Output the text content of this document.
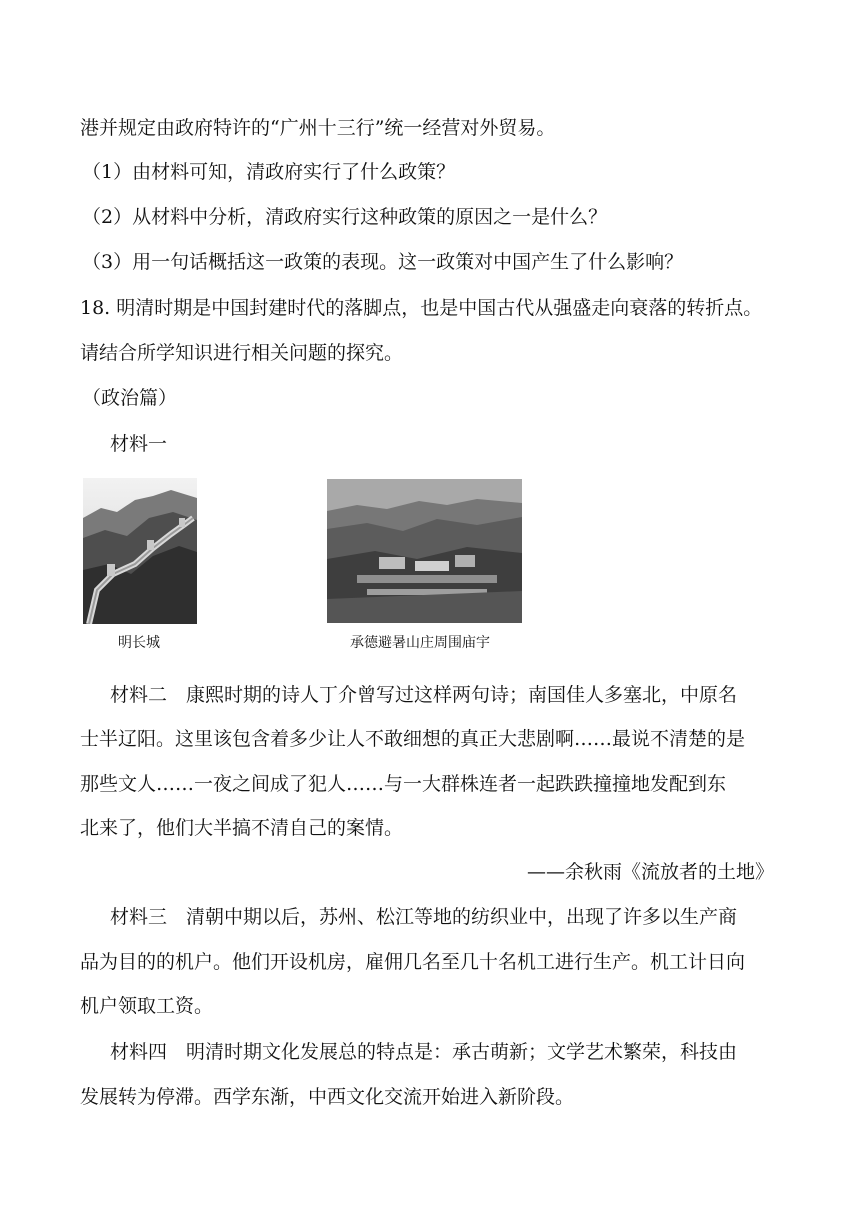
港并规定由政府特许的“广州十三行”统一经营对外贸易。
（1）由材料可知，清政府实行了什么政策？
（2）从材料中分析，清政府实行这种政策的原因之一是什么？
（3）用一句话概括这一政策的表现。这一政策对中国产生了什么影响？
18. 明清时期是中国封建时代的落脚点，也是中国古代从强盛走向衰落的转折点。
请结合所学知识进行相关问题的探究。
（政治篇）
材料一
明长城	承德避暑山庄周围庙宇
材料二　康熙时期的诗人丁介曾写过这样两句诗；南国佳人多塞北，中原名
士半辽阳。这里该包含着多少让人不敢细想的真正大悲剧啊……最说不清楚的是
那些文人……一夜之间成了犯人……与一大群株连者一起跌跌撞撞地发配到东
北来了，他们大半搞不清自己的案情。
——余秋雨《流放者的土地》
材料三　清朝中期以后，苏州、松江等地的纺织业中，出现了许多以生产商
品为目的的机户。他们开设机房，雇佣几名至几十名机工进行生产。机工计日向
机户领取工资。
材料四　明清时期文化发展总的特点是：承古萌新；文学艺术繁荣，科技由
发展转为停滞。西学东渐，中西文化交流开始进入新阶段。
